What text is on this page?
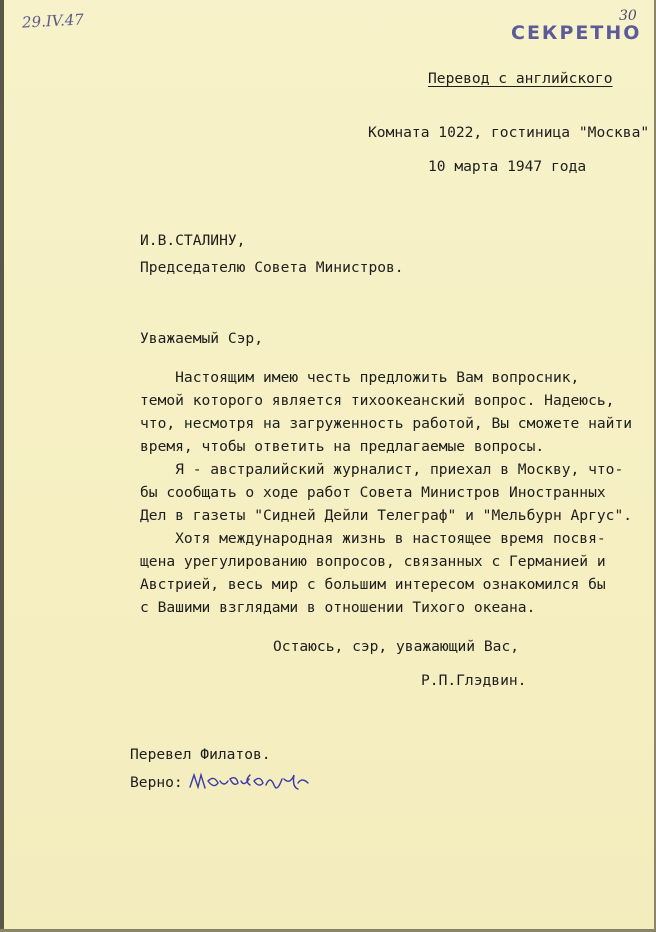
29.IV.47	30
СЕКРЕТНО
Перевод с английского
Комната 1022, гостиница "Москва"
10 марта 1947 года
И.В.СТАЛИНУ,
Председателю Совета Министров.
Уважаемый Сэр,
Настоящим имею честь предложить Вам вопросник,
темой которого является тихоокеанский вопрос. Надеюсь,
что, несмотря на загруженность работой, Вы сможете найти
время, чтобы ответить на предлагаемые вопросы.
Я - австралийский журналист, приехал в Москву, что-
бы сообщать о ходе работ Совета Министров Иностранных
Дел в газеты "Сидней Дейли Телеграф" и "Мельбурн Аргус".
Хотя международная жизнь в настоящее время посвя-
щена урегулированию вопросов, связанных с Германией и
Австрией, весь мир с большим интересом ознакомился бы
с Вашими взглядами в отношении Тихого океана.
Остаюсь, сэр, уважающий Вас,
Р.П.Глэдвин.
Перевел Филатов.
Верно:
